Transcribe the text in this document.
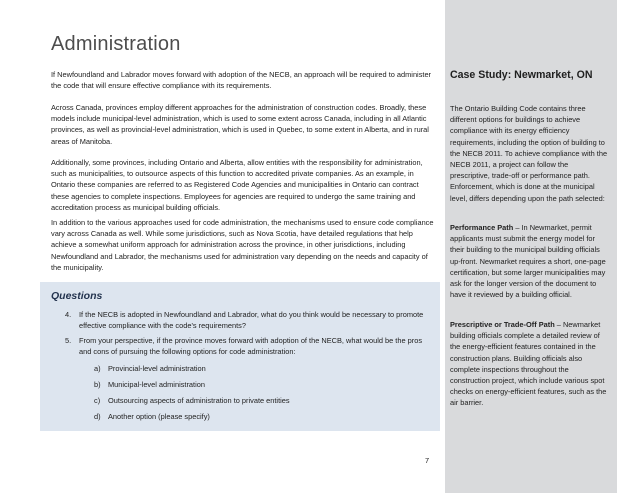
Administration

If Newfoundland and Labrador moves forward with adoption of the NECB, an approach will be required to administer the code that will ensure effective compliance with its requirements.

Across Canada, provinces employ different approaches for the administration of construction codes. Broadly, these models include municipal-level administration, which is used to some extent across Canada, including in all Atlantic provinces, as well as provincial-level administration, which is used in Quebec, to some extent in Alberta, and in rural areas of Manitoba.

Additionally, some provinces, including Ontario and Alberta, allow entities with the responsibility for administration, such as municipalities, to outsource aspects of this function to accredited private companies. As an example, in Ontario these companies are referred to as Registered Code Agencies and municipalities in Ontario can contract these agencies to complete inspections. Employees for agencies are required to undergo the same training and accreditation process as municipal building officials.

In addition to the various approaches used for code administration, the mechanisms used to ensure code compliance vary across Canada as well. While some jurisdictions, such as Nova Scotia, have detailed regulations that help achieve a somewhat uniform approach for administration across the province, in other jurisdictions, including Newfoundland and Labrador, the mechanisms used for administration vary depending on the needs and capacity of the municipality.

Questions
4.	If the NECB is adopted in Newfoundland and Labrador, what do you think would be necessary to promote effective compliance with the code’s requirements?
5.	From your perspective, if the province moves forward with adoption of the NECB, what would be the pros and cons of pursuing the following options for code administration:
a) Provincial-level administration
b) Municipal-level administration
c) Outsourcing aspects of administration to private entities
d) Another option (please specify)
7
Case Study: Newmarket, ON

The Ontario Building Code contains three different options for buildings to achieve compliance with its energy efficiency requirements, including the option of building to the NECB 2011. To achieve compliance with the NECB 2011, a project can follow the prescriptive, trade-off or performance path. Enforcement, which is done at the municipal level, differs depending upon the path selected:

Performance Path – In Newmarket, permit applicants must submit the energy model for their building to the municipal building officials up-front. Newmarket requires a short, one-page certification, but some larger municipalities may ask for the longer version of the document to have it reviewed by a building official.

Prescriptive or Trade-Off Path – Newmarket building officials complete a detailed review of the energy-efficient features contained in the construction plans. Building officials also complete inspections throughout the construction project, which include various spot checks on energy-efficient features, such as the air barrier.
